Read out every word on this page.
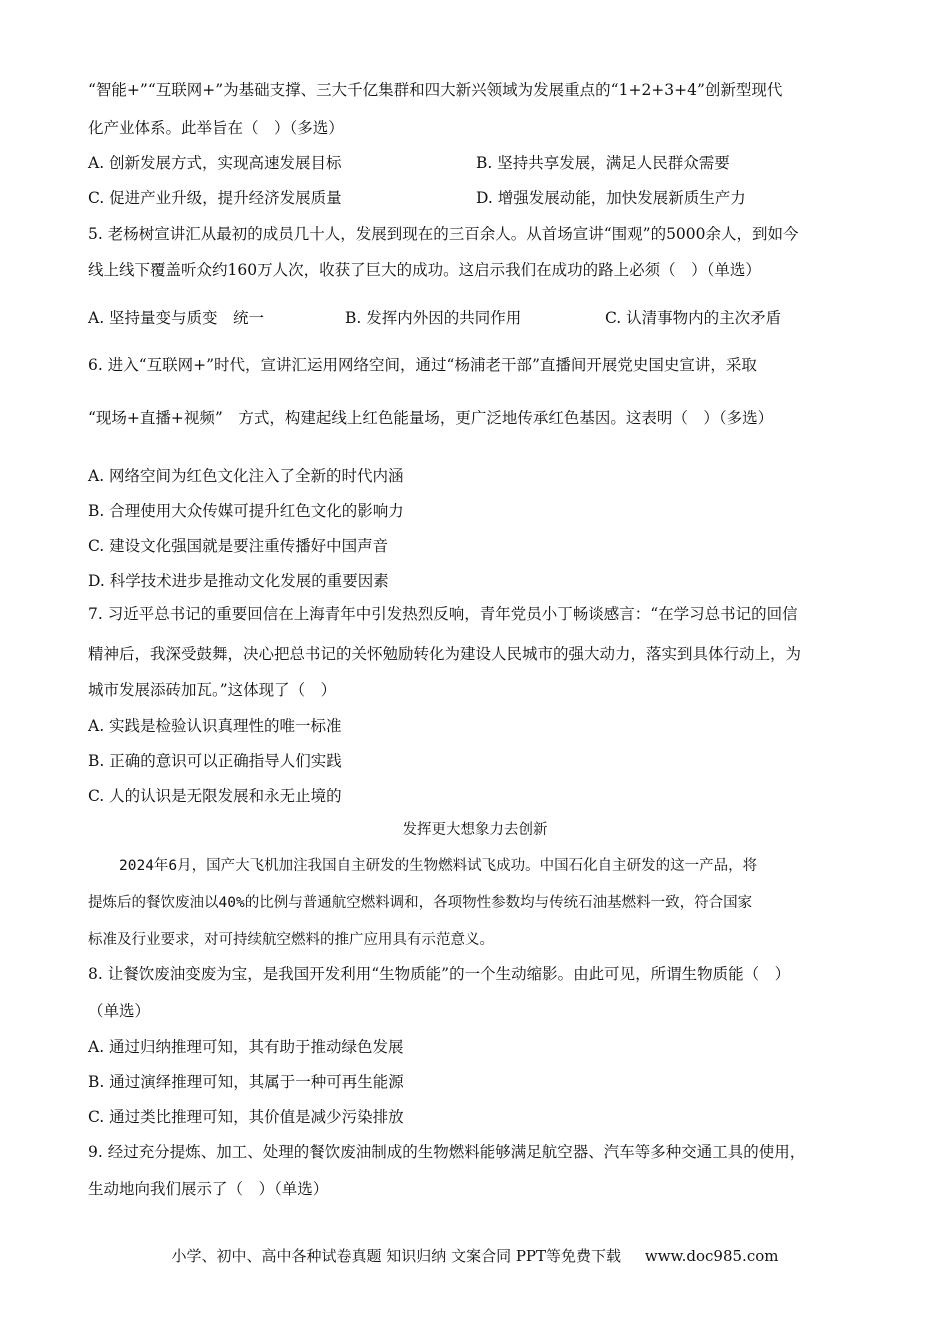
“智能+”“互联网+”为基础支撑、三大千亿集群和四大新兴领域为发展重点的“1+2+3+4”创新型现代
化产业体系。此举旨在（　）（多选）
A. 创新发展方式，实现高速发展目标	B. 坚持共享发展，满足人民群众需要
C. 促进产业升级，提升经济发展质量	D. 增强发展动能，加快发展新质生产力
5. 老杨树宣讲汇从最初的成员几十人，发展到现在的三百余人。从首场宣讲“围观”的5000余人，到如今
线上线下覆盖听众约160万人次，收获了巨大的成功。这启示我们在成功的路上必须（　）（单选）
A. 坚持量变与质变　统一	B. 发挥内外因的共同作用	C. 认清事物内的主次矛盾
6. 进入“互联网+”时代，宣讲汇运用网络空间，通过“杨浦老干部”直播间开展党史国史宣讲，采取
“现场+直播+视频”　方式，构建起线上红色能量场，更广泛地传承红色基因。这表明（　）（多选）
A. 网络空间为红色文化注入了全新的时代内涵
B. 合理使用大众传媒可提升红色文化的影响力
C. 建设文化强国就是要注重传播好中国声音
D. 科学技术进步是推动文化发展的重要因素
7. 习近平总书记的重要回信在上海青年中引发热烈反响，青年党员小丁畅谈感言：“在学习总书记的回信
精神后，我深受鼓舞，决心把总书记的关怀勉励转化为建设人民城市的强大动力，落实到具体行动上，为
城市发展添砖加瓦。”这体现了（　）
A. 实践是检验认识真理性的唯一标准
B. 正确的意识可以正确指导人们实践
C. 人的认识是无限发展和永无止境的
发挥更大想象力去创新
2024年6月，国产大飞机加注我国自主研发的生物燃料试飞成功。中国石化自主研发的这一产品，将
提炼后的餐饮废油以40%的比例与普通航空燃料调和，各项物性参数均与传统石油基燃料一致，符合国家
标准及行业要求，对可持续航空燃料的推广应用具有示范意义。
8. 让餐饮废油变废为宝，是我国开发利用“生物质能”的一个生动缩影。由此可见，所谓生物质能（　）
（单选）
A. 通过归纳推理可知，其有助于推动绿色发展
B. 通过演绎推理可知，其属于一种可再生能源
C. 通过类比推理可知，其价值是减少污染排放
9. 经过充分提炼、加工、处理的餐饮废油制成的生物燃料能够满足航空器、汽车等多种交通工具的使用，
生动地向我们展示了（　）（单选）
小学、初中、高中各种试卷真题 知识归纳 文案合同 PPT等免费下载 www.doc985.com
